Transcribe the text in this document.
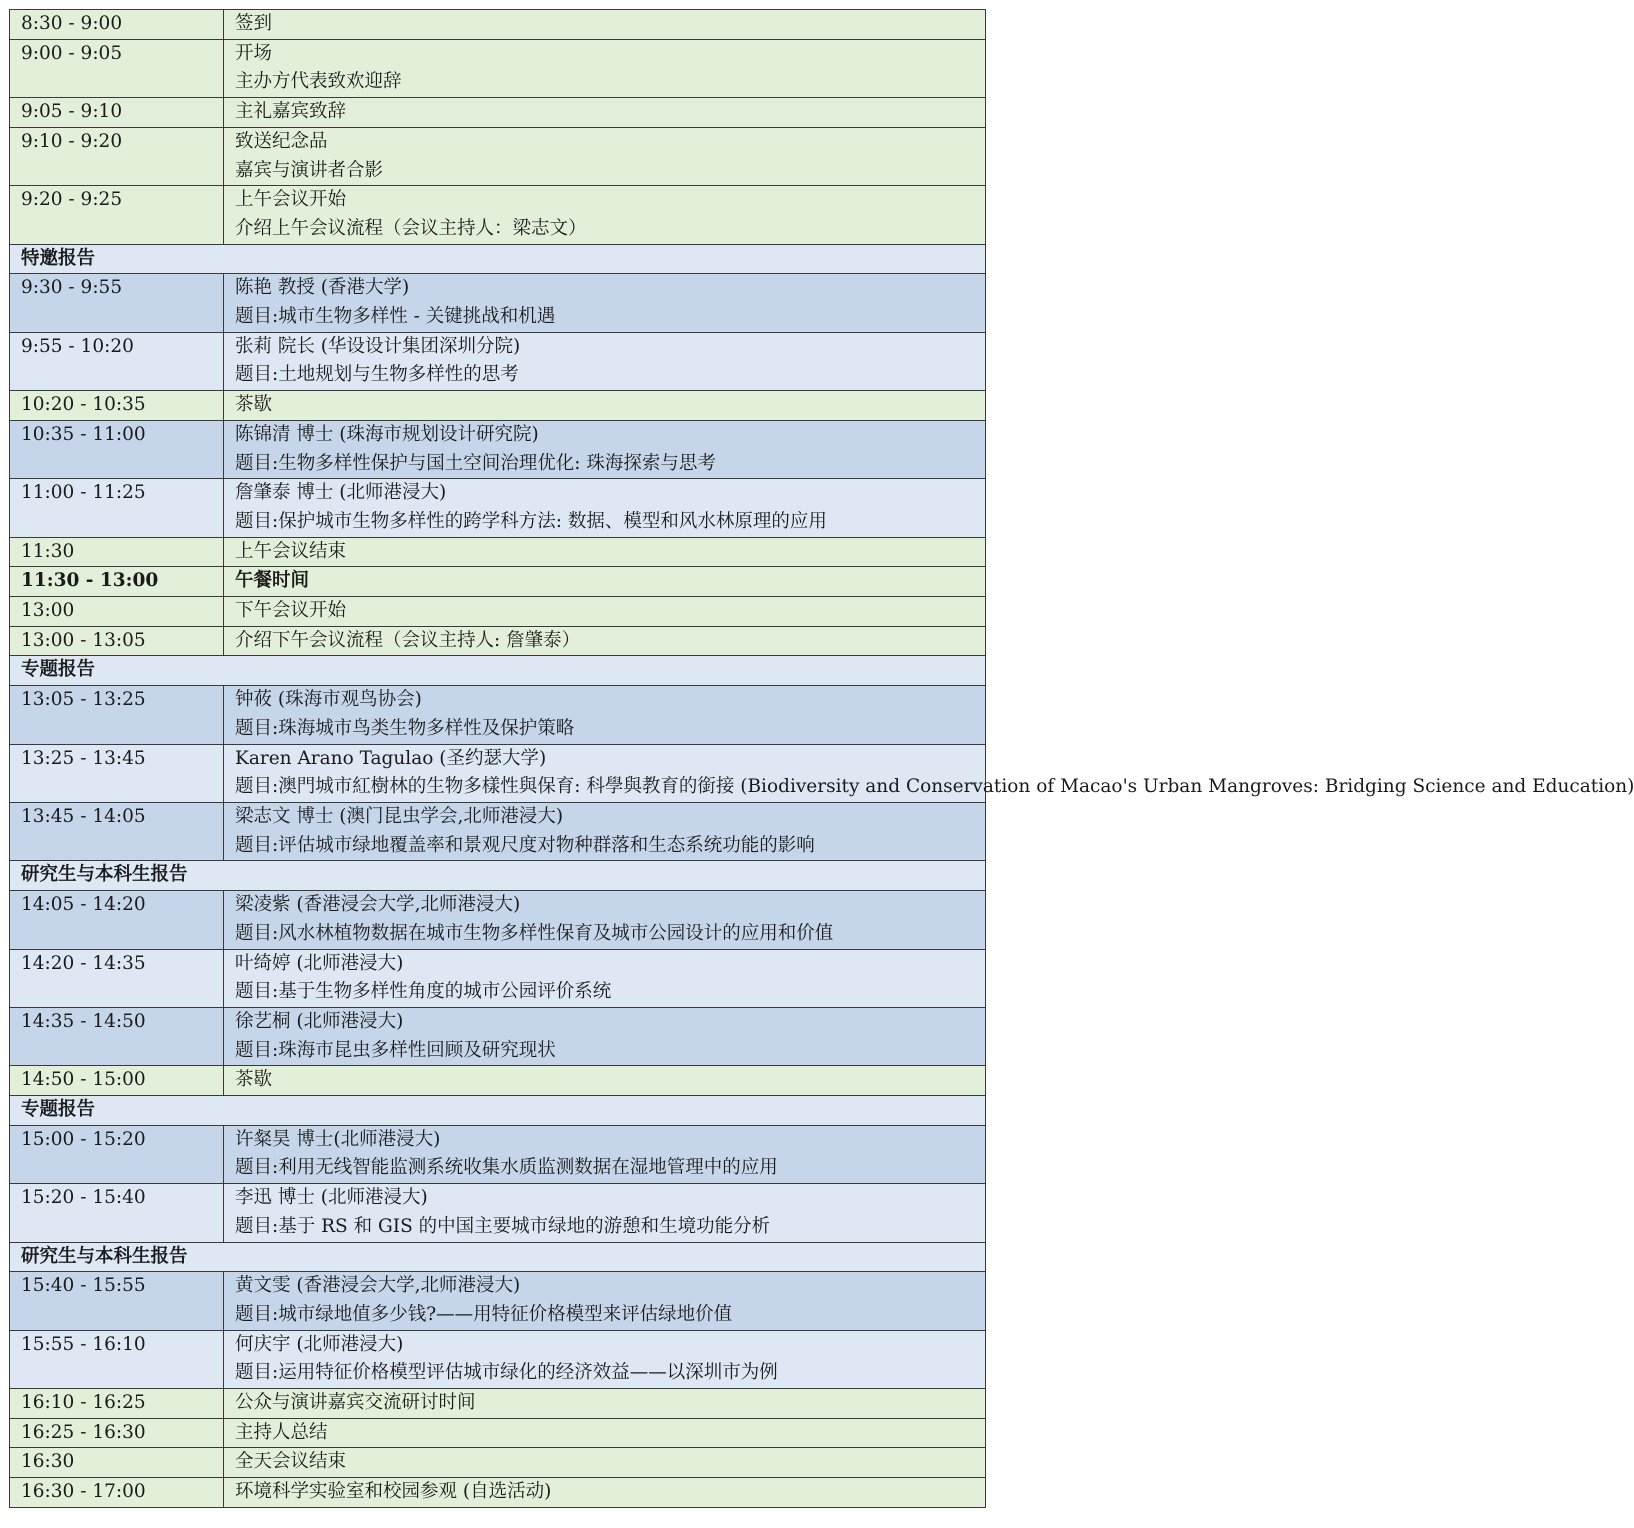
8:30 - 9:00	签到

9:00 - 9:05	开场
主办方代表致欢迎辞

9:05 - 9:10	主礼嘉宾致辞

9:10 - 9:20	致送纪念品
嘉宾与演讲者合影

9:20 - 9:25	上午会议开始
介绍上午会议流程（会议主持人：梁志文）

特邀报告	
9:30 - 9:55	陈艳 教授 (香港大学)
题目:城市生物多样性 - 关键挑战和机遇

9:55 - 10:20	张莉 院长 (华设设计集团深圳分院)
题目:土地规划与生物多样性的思考

10:20 - 10:35	茶歇

10:35 - 11:00	陈锦清 博士 (珠海市规划设计研究院)
题目:生物多样性保护与国土空间治理优化: 珠海探索与思考

11:00 - 11:25	詹肇泰 博士 (北师港浸大)
题目:保护城市生物多样性的跨学科方法: 数据、模型和风水林原理的应用

11:30	上午会议结束

11:30 - 13:00	午餐时间

13:00	下午会议开始

13:00 - 13:05	介绍下午会议流程（会议主持人: 詹肇泰）

专题报告	
13:05 - 13:25	钟莜 (珠海市观鸟协会)
题目:珠海城市鸟类生物多样性及保护策略

13:25 - 13:45	Karen Arano Tagulao (圣约瑟大学)
题目:澳門城市紅樹林的生物多樣性與保育: 科學與教育的銜接 (Biodiversity and Conservation of Macao's Urban Mangroves: Bridging Science and Education)

13:45 - 14:05	梁志文 博士 (澳门昆虫学会,北师港浸大)
题目:评估城市绿地覆盖率和景观尺度对物种群落和生态系统功能的影响

研究生与本科生报告	
14:05 - 14:20	梁凌紫 (香港浸会大学,北师港浸大)
题目:风水林植物数据在城市生物多样性保育及城市公园设计的应用和价值

14:20 - 14:35	叶绮婷 (北师港浸大)
题目:基于生物多样性角度的城市公园评价系统

14:35 - 14:50	徐艺桐 (北师港浸大)
题目:珠海市昆虫多样性回顾及研究现状

14:50 - 15:00	茶歇

专题报告	
15:00 - 15:20	许粲昊 博士(北师港浸大)
题目:利用无线智能监测系统收集水质监测数据在湿地管理中的应用

15:20 - 15:40	李迅 博士 (北师港浸大)
题目:基于 RS 和 GIS 的中国主要城市绿地的游憩和生境功能分析

研究生与本科生报告	
15:40 - 15:55	黄文雯 (香港浸会大学,北师港浸大)
题目:城市绿地值多少钱?——用特征价格模型来评估绿地价值

15:55 - 16:10	何庆宇 (北师港浸大)
题目:运用特征价格模型评估城市绿化的经济效益——以深圳市为例

16:10 - 16:25	公众与演讲嘉宾交流研讨时间

16:25 - 16:30	主持人总结

16:30	全天会议结束

16:30 - 17:00	环境科学实验室和校园参观 (自选活动)
